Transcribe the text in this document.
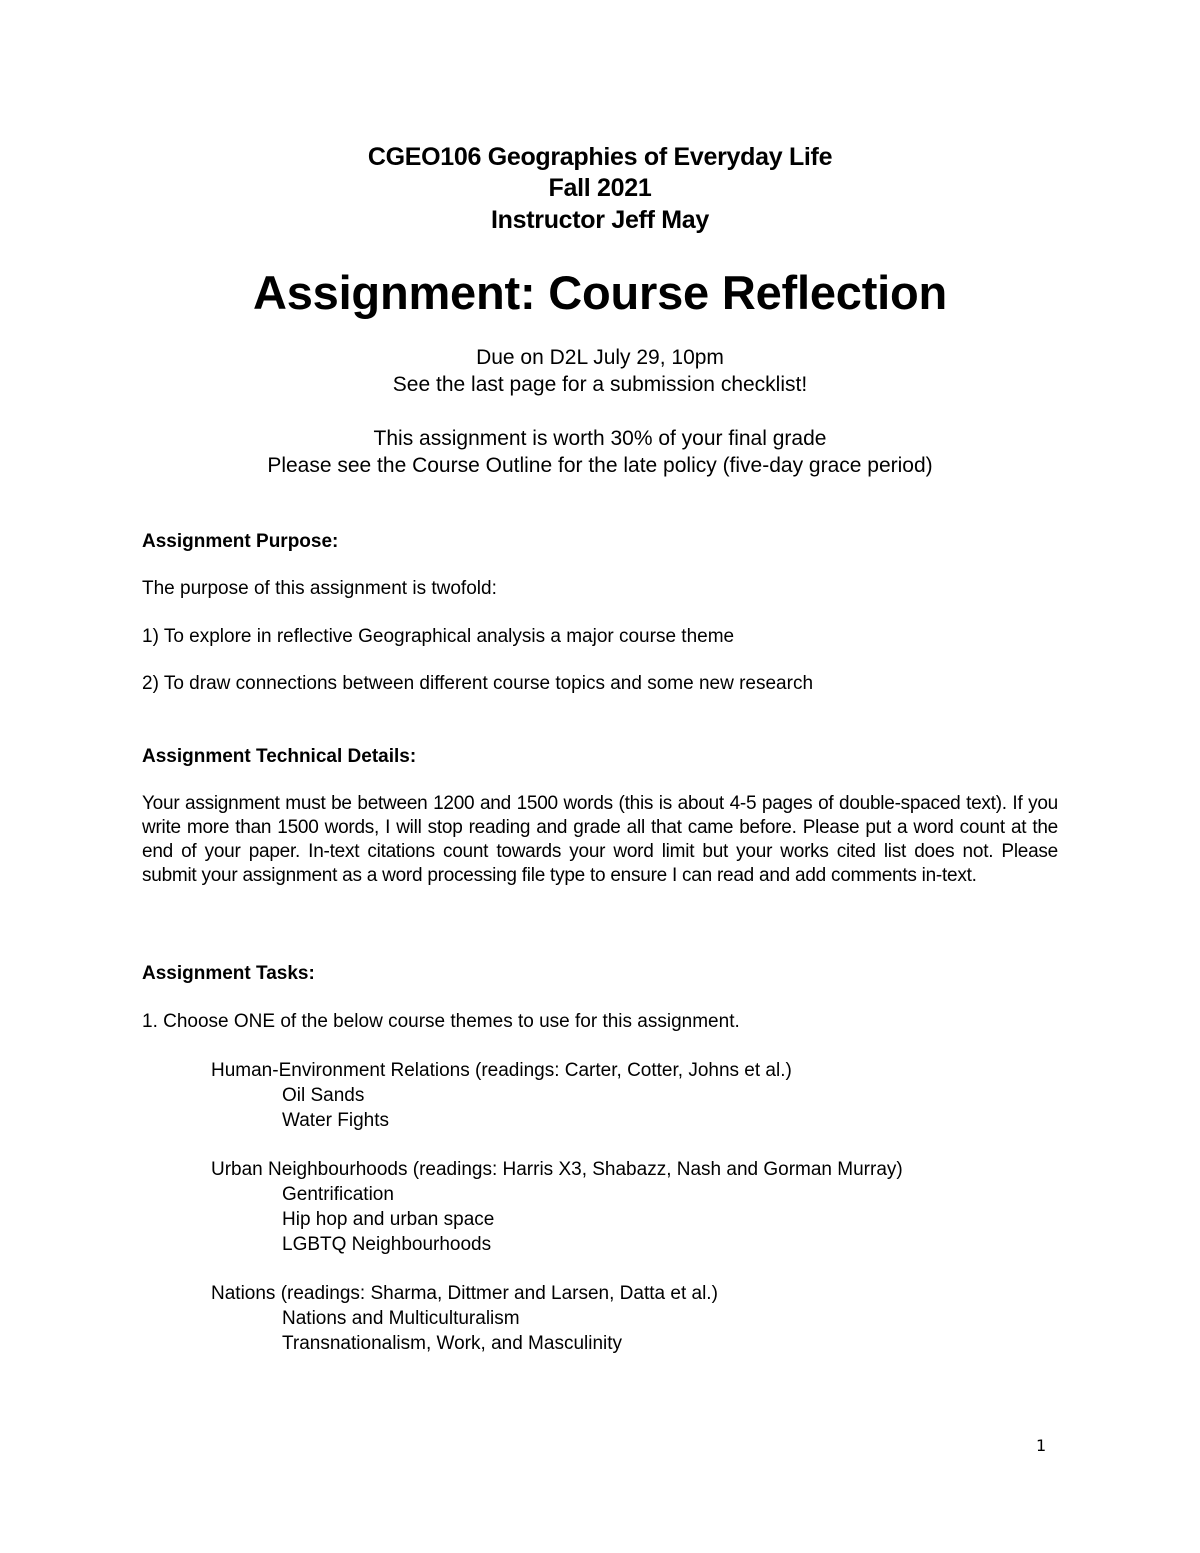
CGEO106 Geographies of Everyday Life
Fall 2021
Instructor Jeff May
Assignment: Course Reflection
Due on D2L July 29, 10pm
See the last page for a submission checklist!
This assignment is worth 30% of your final grade
Please see the Course Outline for the late policy (five-day grace period)
Assignment Purpose:
The purpose of this assignment is twofold:
1) To explore in reflective Geographical analysis a major course theme
2) To draw connections between different course topics and some new research
Assignment Technical Details:
Your assignment must be between 1200 and 1500 words (this is about 4-5 pages of double-spaced text). If you write more than 1500 words, I will stop reading and grade all that came before. Please put a word count at the end of your paper. In-text citations count towards your word limit but your works cited list does not. Please submit your assignment as a word processing file type to ensure I can read and add comments in-text.
Assignment Tasks:
1. Choose ONE of the below course themes to use for this assignment.
Human-Environment Relations (readings: Carter, Cotter, Johns et al.)
Oil Sands
Water Fights
Urban Neighbourhoods (readings: Harris X3, Shabazz, Nash and Gorman Murray)
Gentrification
Hip hop and urban space
LGBTQ Neighbourhoods
Nations (readings: Sharma, Dittmer and Larsen, Datta et al.)
Nations and Multiculturalism
Transnationalism, Work, and Masculinity
1
